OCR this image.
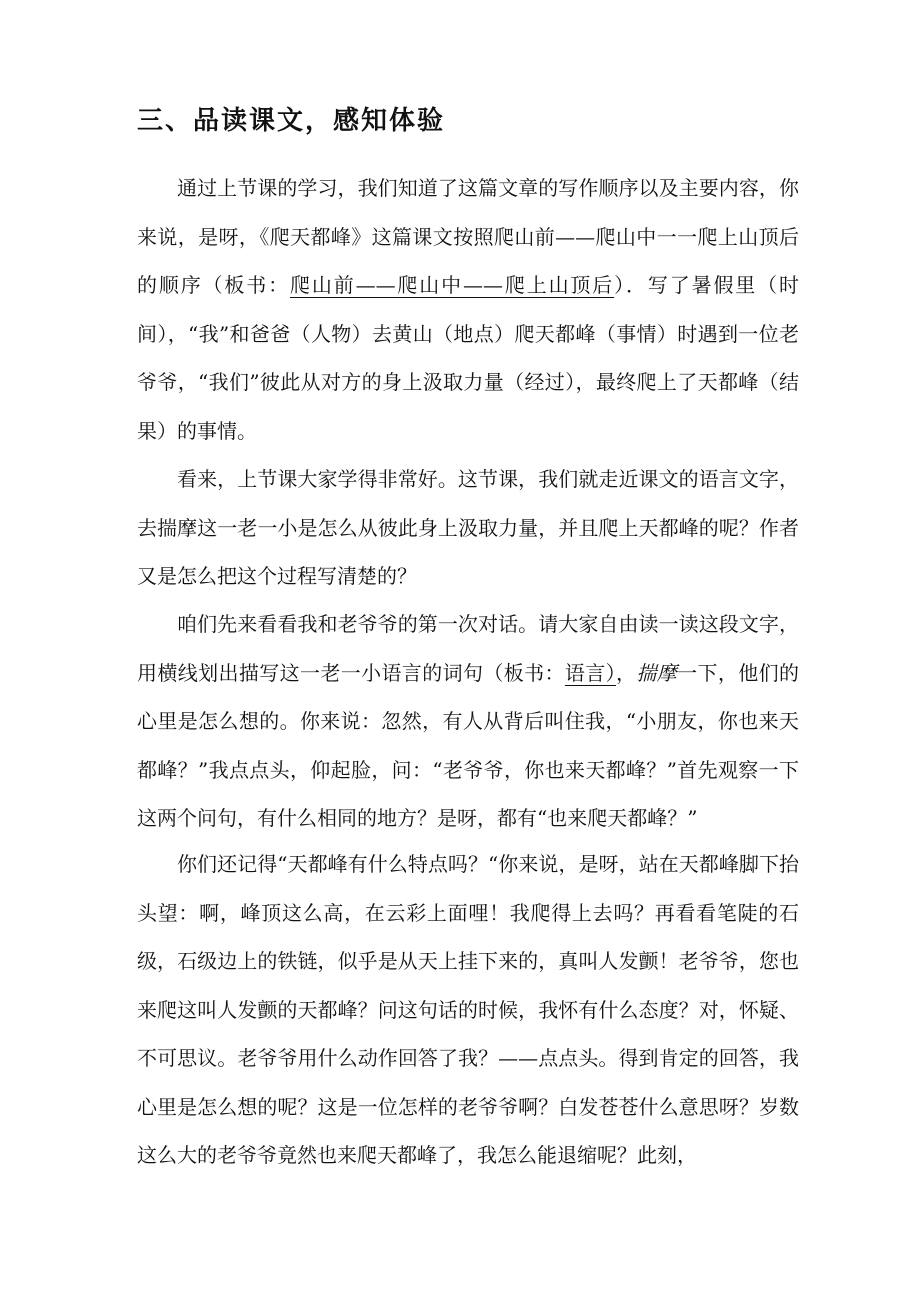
三、品读课文，感知体验

通过上节课的学习，我们知道了这篇文章的写作顺序以及主要内容，你来说，是呀，《爬天都峰》这篇课文按照爬山前——爬山中一一爬上山顶后的顺序（板书：爬山前——爬山中——爬上山顶后）．写了暑假里（时间），“我”和爸爸（人物）去黄山（地点）爬天都峰（事情）时遇到一位老爷爷，“我们”彼此从对方的身上汲取力量（经过），最终爬上了天都峰（结果）的事情。

看来，上节课大家学得非常好。这节课，我们就走近课文的语言文字，去揣摩这一老一小是怎么从彼此身上汲取力量，并且爬上天都峰的呢？作者又是怎么把这个过程写清楚的？

咱们先来看看我和老爷爷的第一次对话。请大家自由读一读这段文字，用横线划出描写这一老一小语言的词句（板书：语言），揣摩一下，他们的心里是怎么想的。你来说：忽然，有人从背后叫住我，“小朋友，你也来天都峰？”我点点头，仰起脸，问：“老爷爷，你也来天都峰？”首先观察一下这两个问句，有什么相同的地方？是呀，都有“也来爬天都峰？”

你们还记得“天都峰有什么特点吗？“你来说，是呀，站在天都峰脚下抬头望：啊，峰顶这么高，在云彩上面哩！我爬得上去吗？再看看笔陡的石级，石级边上的铁链，似乎是从天上挂下来的，真叫人发颤！老爷爷，您也来爬这叫人发颤的天都峰？问这句话的时候，我怀有什么态度？对，怀疑、不可思议。老爷爷用什么动作回答了我？——点点头。得到肯定的回答，我心里是怎么想的呢？这是一位怎样的老爷爷啊？白发苍苍什么意思呀？岁数这么大的老爷爷竟然也来爬天都峰了，我怎么能退缩呢？此刻，
